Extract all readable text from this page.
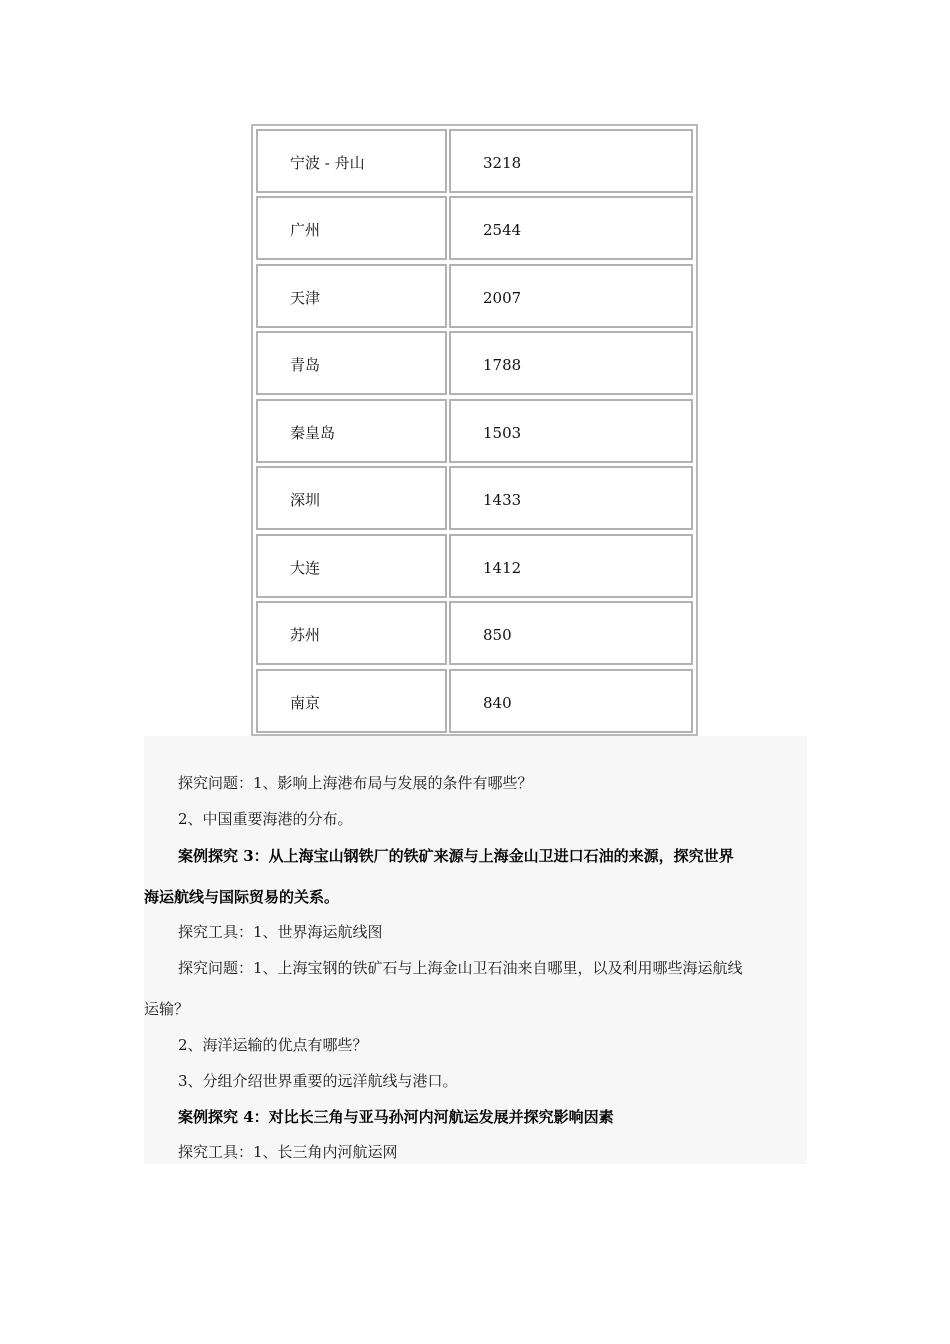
宁波 - 舟山	3218
广州	2544
天津	2007
青岛	1788
秦皇岛	1503
深圳	1433
大连	1412
苏州	850
南京	840
探究问题：1、影响上海港布局与发展的条件有哪些？
2、中国重要海港的分布。
案例探究 3：从上海宝山钢铁厂的铁矿来源与上海金山卫进口石油的来源，探究世界
海运航线与国际贸易的关系。
探究工具：1、世界海运航线图
探究问题：1、上海宝钢的铁矿石与上海金山卫石油来自哪里，以及利用哪些海运航线
运输？
2、海洋运输的优点有哪些？
3、分组介绍世界重要的远洋航线与港口。
案例探究 4：对比长三角与亚马孙河内河航运发展并探究影响因素
探究工具：1、长三角内河航运网
